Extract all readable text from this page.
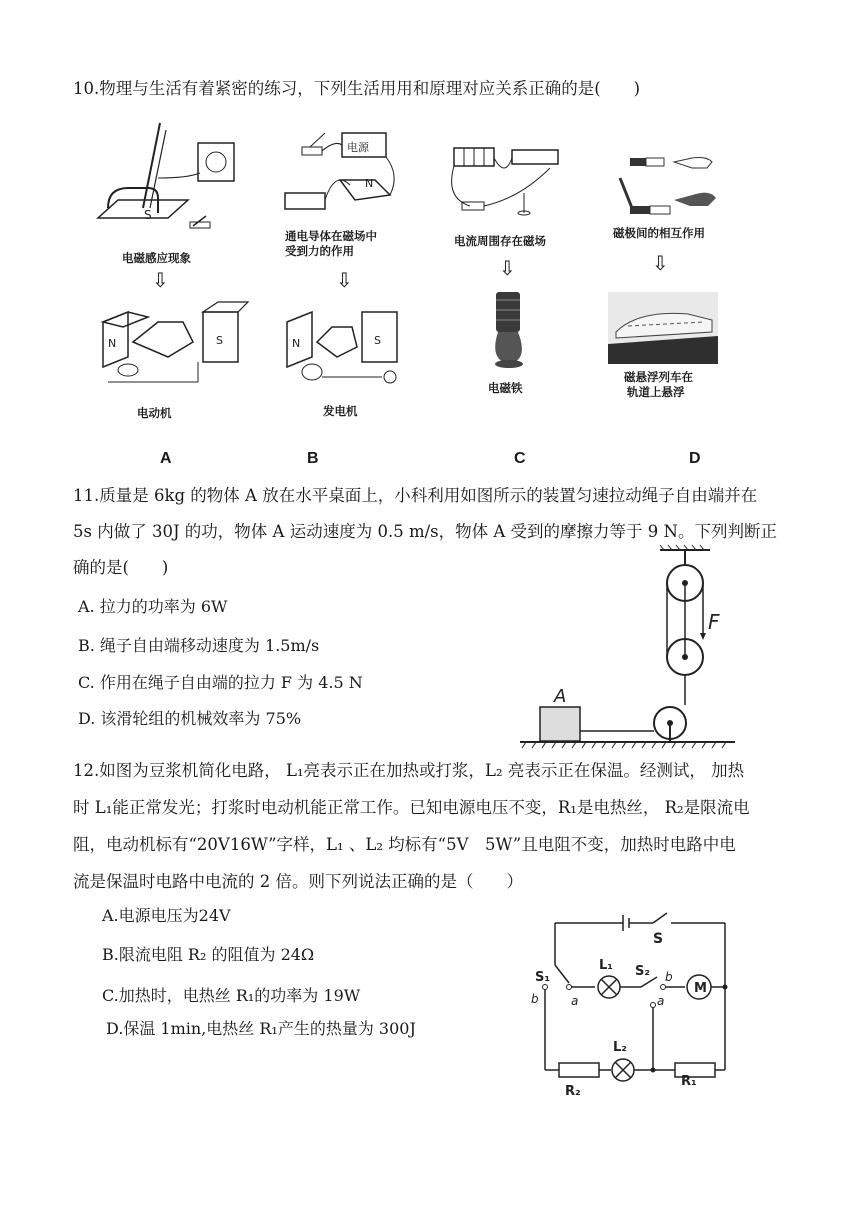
10.物理与生活有着紧密的练习，下列生活用用和原理对应关系正确的是(　　)
S
电磁感应现象
⇩
N	S
电动机
A
电源
N
通电导体在磁场中
受到力的作用
⇩
N	S
发电机
B
电流周围存在磁场
⇩
电磁铁
C
磁极间的相互作用
⇩
磁悬浮列车在
轨道上悬浮
D
11.质量是 6kg 的物体 A 放在水平桌面上，小科利用如图所示的装置匀速拉动绳子自由端并在
5s 内做了 30J 的功，物体 A 运动速度为 0.5 m/s，物体 A 受到的摩擦力等于 9 N。下列判断正
确的是(　　)
A. 拉力的功率为 6W
B. 绳子自由端移动速度为 1.5m/s
C. 作用在绳子自由端的拉力 F 为 4.5 N
D. 该滑轮组的机械效率为 75%
F
A
12.如图为豆浆机简化电路， L₁亮表示正在加热或打浆，L₂ 亮表示正在保温。经测试， 加热
时 L₁能正常发光；打浆时电动机能正常工作。已知电源电压不变，R₁是电热丝， R₂是限流电
阻，电动机标有“20V16W”字样，L₁ 、L₂ 均标有“5V　5W”且电阻不变，加热时电路中电
流是保温时电路中电流的 2 倍。则下列说法正确的是（　　）
A.电源电压为24V
B.限流电阻 R₂ 的阻值为 24Ω
C.加热时，电热丝 R₁的功率为 19W
D.保温 1min,电热丝 R₁产生的热量为 300J
S
S₁
L₁ S₂
M
L₂
R₂
R₁
b	a
b
a
